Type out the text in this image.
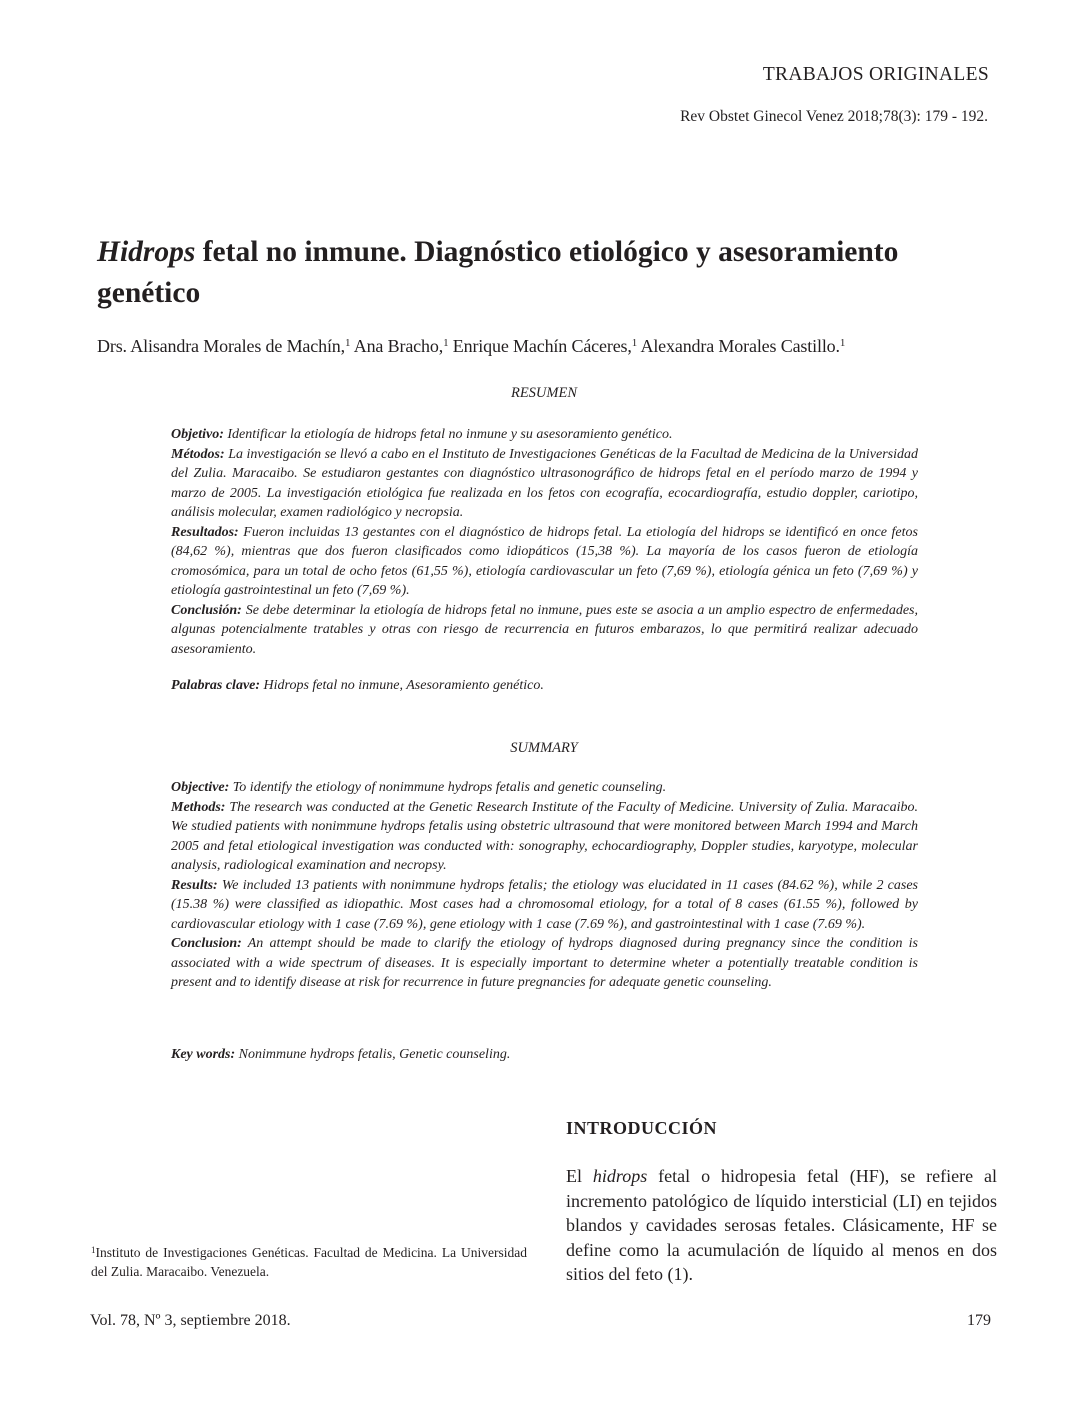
TRABAJOS ORIGINALES
Rev Obstet Ginecol Venez 2018;78(3): 179 - 192.
Hidrops fetal no inmune. Diagnóstico etiológico y asesoramiento genético
Drs. Alisandra Morales de Machín,$^1$ Ana Bracho,$^1$ Enrique Machín Cáceres,$^1$ Alexandra Morales Castillo.$^1$
RESUMEN

Objetivo: Identificar la etiología de hidrops fetal no inmune y su asesoramiento genético.

Métodos: La investigación se llevó a cabo en el Instituto de Investigaciones Genéticas de la Facultad de Medicina de la Universidad del Zulia. Maracaibo. Se estudiaron gestantes con diagnóstico ultrasonográfico de hidrops fetal en el período marzo de 1994 y marzo de 2005. La investigación etiológica fue realizada en los fetos con ecografía, ecocardiografía, estudio doppler, cariotipo, análisis molecular, examen radiológico y necropsia.

Resultados: Fueron incluidas 13 gestantes con el diagnóstico de hidrops fetal. La etiología del hidrops se identificó en once fetos (84,62 %), mientras que dos fueron clasificados como idiopáticos (15,38 %). La mayoría de los casos fueron de etiología cromosómica, para un total de ocho fetos (61,55 %), etiología cardiovascular un feto (7,69 %), etiología génica un feto (7,69 %) y etiología gastrointestinal un feto (7,69 %).

Conclusión: Se debe determinar la etiología de hidrops fetal no inmune, pues este se asocia a un amplio espectro de enfermedades, algunas potencialmente tratables y otras con riesgo de recurrencia en futuros embarazos, lo que permitirá realizar adecuado asesoramiento.

Palabras clave: Hidrops fetal no inmune, Asesoramiento genético.
SUMMARY

Objective: To identify the etiology of nonimmune hydrops fetalis and genetic counseling.

Methods: The research was conducted at the Genetic Research Institute of the Faculty of Medicine. University of Zulia. Maracaibo. We studied patients with nonimmune hydrops fetalis using obstetric ultrasound that were monitored between March 1994 and March 2005 and fetal etiological investigation was conducted with: sonography, echocardiography, Doppler studies, karyotype, molecular analysis, radiological examination and necropsy.

Results: We included 13 patients with nonimmune hydrops fetalis; the etiology was elucidated in 11 cases (84.62 %), while 2 cases (15.38 %) were classified as idiopathic. Most cases had a chromosomal etiology, for a total of 8 cases (61.55 %), followed by cardiovascular etiology with 1 case (7.69 %), gene etiology with 1 case (7.69 %), and gastrointestinal with 1 case (7.69 %).

Conclusion: An attempt should be made to clarify the etiology of hydrops diagnosed during pregnancy since the condition is associated with a wide spectrum of diseases. It is especially important to determine wheter a potentially treatable condition is present and to identify disease at risk for recurrence in future pregnancies for adequate genetic counseling.

Key words: Nonimmune hydrops fetalis, Genetic counseling.
INTRODUCCIÓN
El hidrops fetal o hidropesia fetal (HF), se refiere al incremento patológico de líquido intersticial (LI) en tejidos blandos y cavidades serosas fetales. Clásicamente, HF se define como la acumulación de líquido al menos en dos sitios del feto (1).
$^1$Instituto de Investigaciones Genéticas. Facultad de Medicina. La Universidad del Zulia. Maracaibo. Venezuela.
Vol. 78, Nº 3, septiembre 2018.	179
